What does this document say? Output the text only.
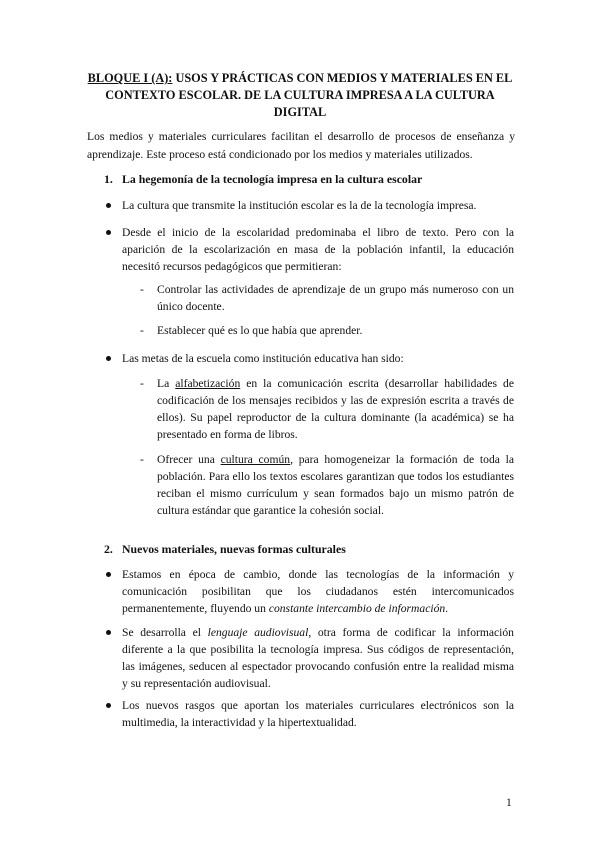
BLOQUE I (A): USOS Y PRÁCTICAS CON MEDIOS Y MATERIALES EN EL CONTEXTO ESCOLAR. DE LA CULTURA IMPRESA A LA CULTURA DIGITAL
Los medios y materiales curriculares facilitan el desarrollo de procesos de enseñanza y aprendizaje. Este proceso está condicionado por los medios y materiales utilizados.
1. La hegemonía de la tecnología impresa en la cultura escolar
La cultura que transmite la institución escolar es la de la tecnología impresa.
Desde el inicio de la escolaridad predominaba el libro de texto. Pero con la aparición de la escolarización en masa de la población infantil, la educación necesitó recursos pedagógicos que permitieran:
- Controlar las actividades de aprendizaje de un grupo más numeroso con un único docente.
- Establecer qué es lo que había que aprender.
Las metas de la escuela como institución educativa han sido:
- La alfabetización en la comunicación escrita (desarrollar habilidades de codificación de los mensajes recibidos y las de expresión escrita a través de ellos). Su papel reproductor de la cultura dominante (la académica) se ha presentado en forma de libros.
- Ofrecer una cultura común, para homogeneizar la formación de toda la población. Para ello los textos escolares garantizan que todos los estudiantes reciban el mismo currículum y sean formados bajo un mismo patrón de cultura estándar que garantice la cohesión social.
2. Nuevos materiales, nuevas formas culturales
Estamos en época de cambio, donde las tecnologías de la información y comunicación posibilitan que los ciudadanos estén intercomunicados permanentemente, fluyendo un constante intercambio de información.
Se desarrolla el lenguaje audiovisual, otra forma de codificar la información diferente a la que posibilita la tecnología impresa. Sus códigos de representación, las imágenes, seducen al espectador provocando confusión entre la realidad misma y su representación audiovisual.
Los nuevos rasgos que aportan los materiales curriculares electrónicos son la multimedia, la interactividad y la hipertextualidad.
1
